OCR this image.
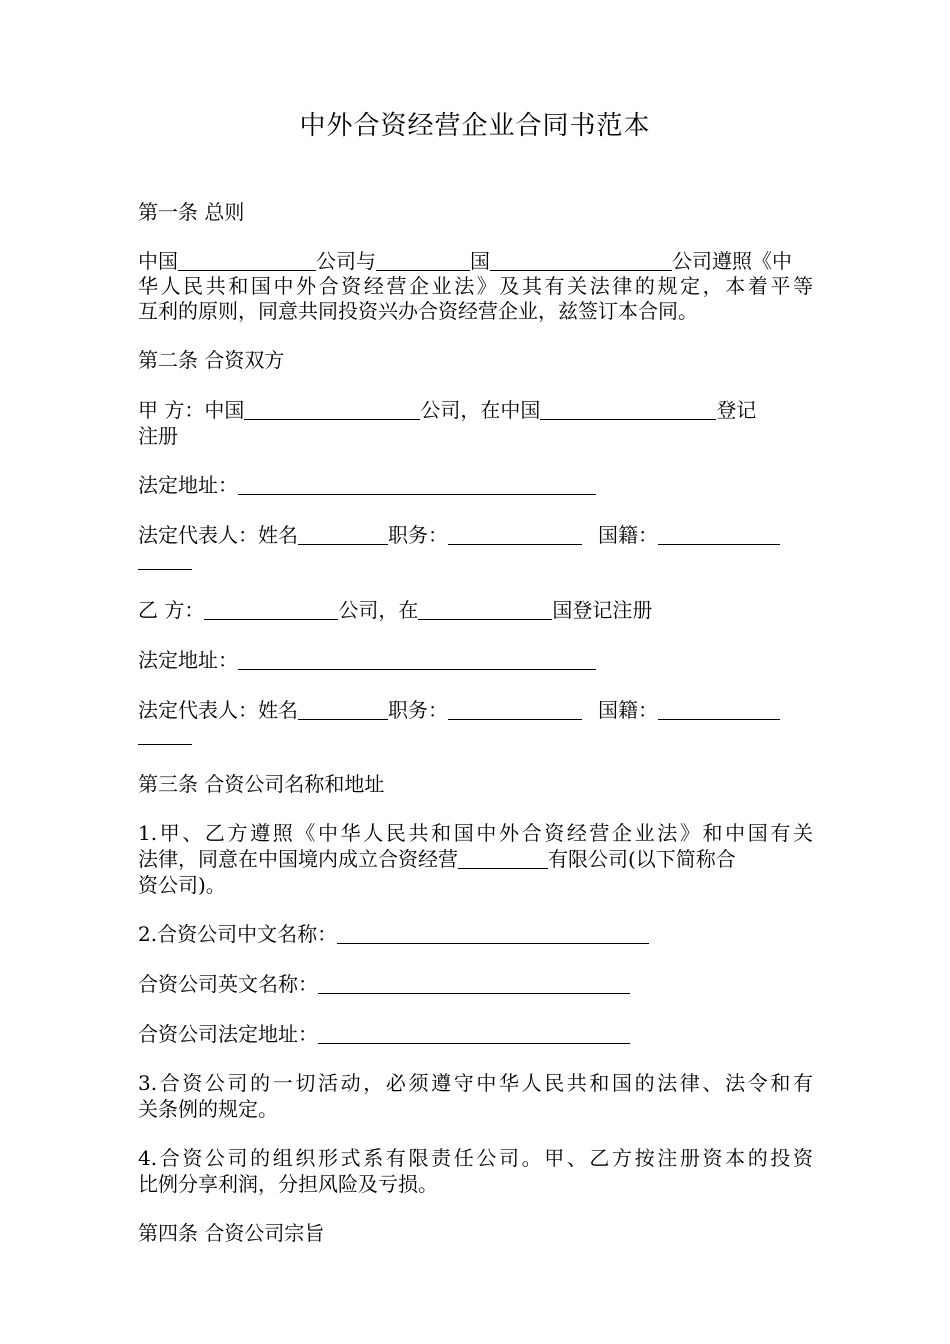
中外合资经营企业合同书范本
第一条 总则
中国	公司与	国	公司遵照《中
华人民共和国中外合资经营企业法》及其有关法律的规定，本着平等
互利的原则，同意共同投资兴办合资经营企业，兹签订本合同。
第二条 合资双方
甲 方：中国	公司，在中国	登记
注册
法定地址：
法定代表人：姓名	职务：	国籍：
乙 方：	公司，在	国登记注册
法定地址：
法定代表人：姓名	职务：	国籍：
第三条 合资公司名称和地址
1.甲、乙方遵照《中华人民共和国中外合资经营企业法》和中国有关
法律，同意在中国境内成立合资经营	有限公司(以下简称合
资公司)。
2.合资公司中文名称：
合资公司英文名称：
合资公司法定地址：
3.合资公司的一切活动，必须遵守中华人民共和国的法律、法令和有
关条例的规定。
4.合资公司的组织形式系有限责任公司。甲、乙方按注册资本的投资
比例分享利润，分担风险及亏损。
第四条 合资公司宗旨
